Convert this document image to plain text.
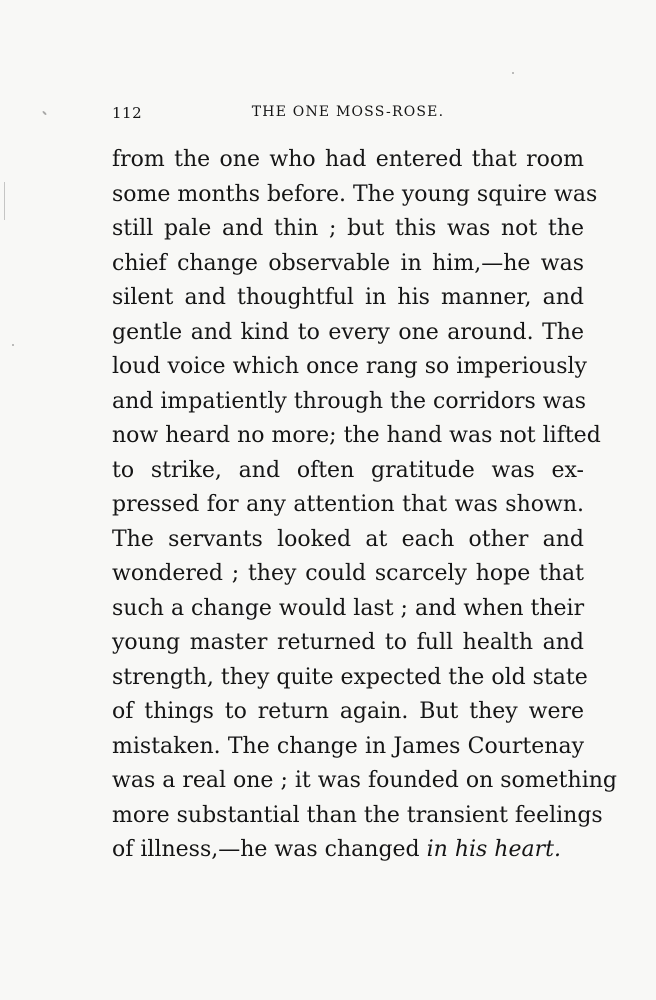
112	THE ONE MOSS-ROSE.
from the one who had entered that room
some months before. The young squire was
still pale and thin ; but this was not the
chief change observable in him,—he was
silent and thoughtful in his manner, and
gentle and kind to every one around. The
loud voice which once rang so imperiously
and impatiently through the corridors was
now heard no more; the hand was not lifted
to strike, and often gratitude was ex-
pressed for any attention that was shown.
The servants looked at each other and
wondered ; they could scarcely hope that
such a change would last ; and when their
young master returned to full health and
strength, they quite expected the old state
of things to return again. But they were
mistaken. The change in James Courtenay
was a real one ; it was founded on something
more substantial than the transient feelings
of illness,—he was changed in his heart.
